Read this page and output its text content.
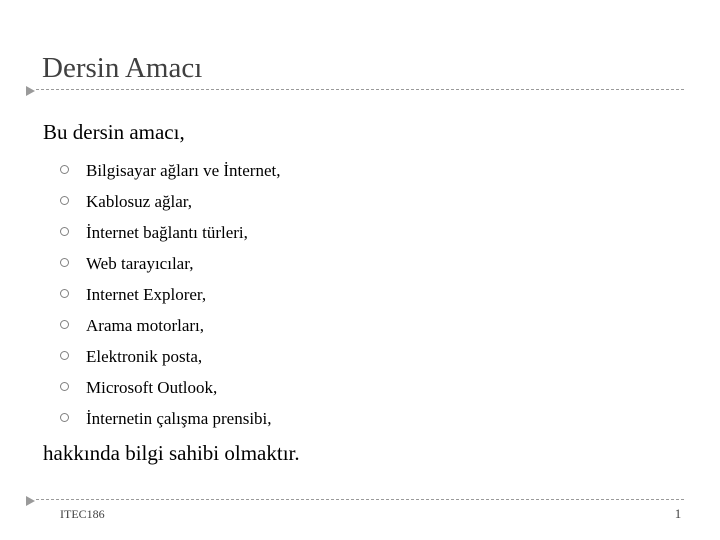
Dersin Amacı
Bu dersin amacı,
Bilgisayar ağları ve İnternet,
Kablosuz ağlar,
İnternet bağlantı türleri,
Web tarayıcılar,
Internet Explorer,
Arama motorları,
Elektronik posta,
Microsoft Outlook,
İnternetin çalışma prensibi,
hakkında bilgi sahibi olmaktır.
ITEC186	1
